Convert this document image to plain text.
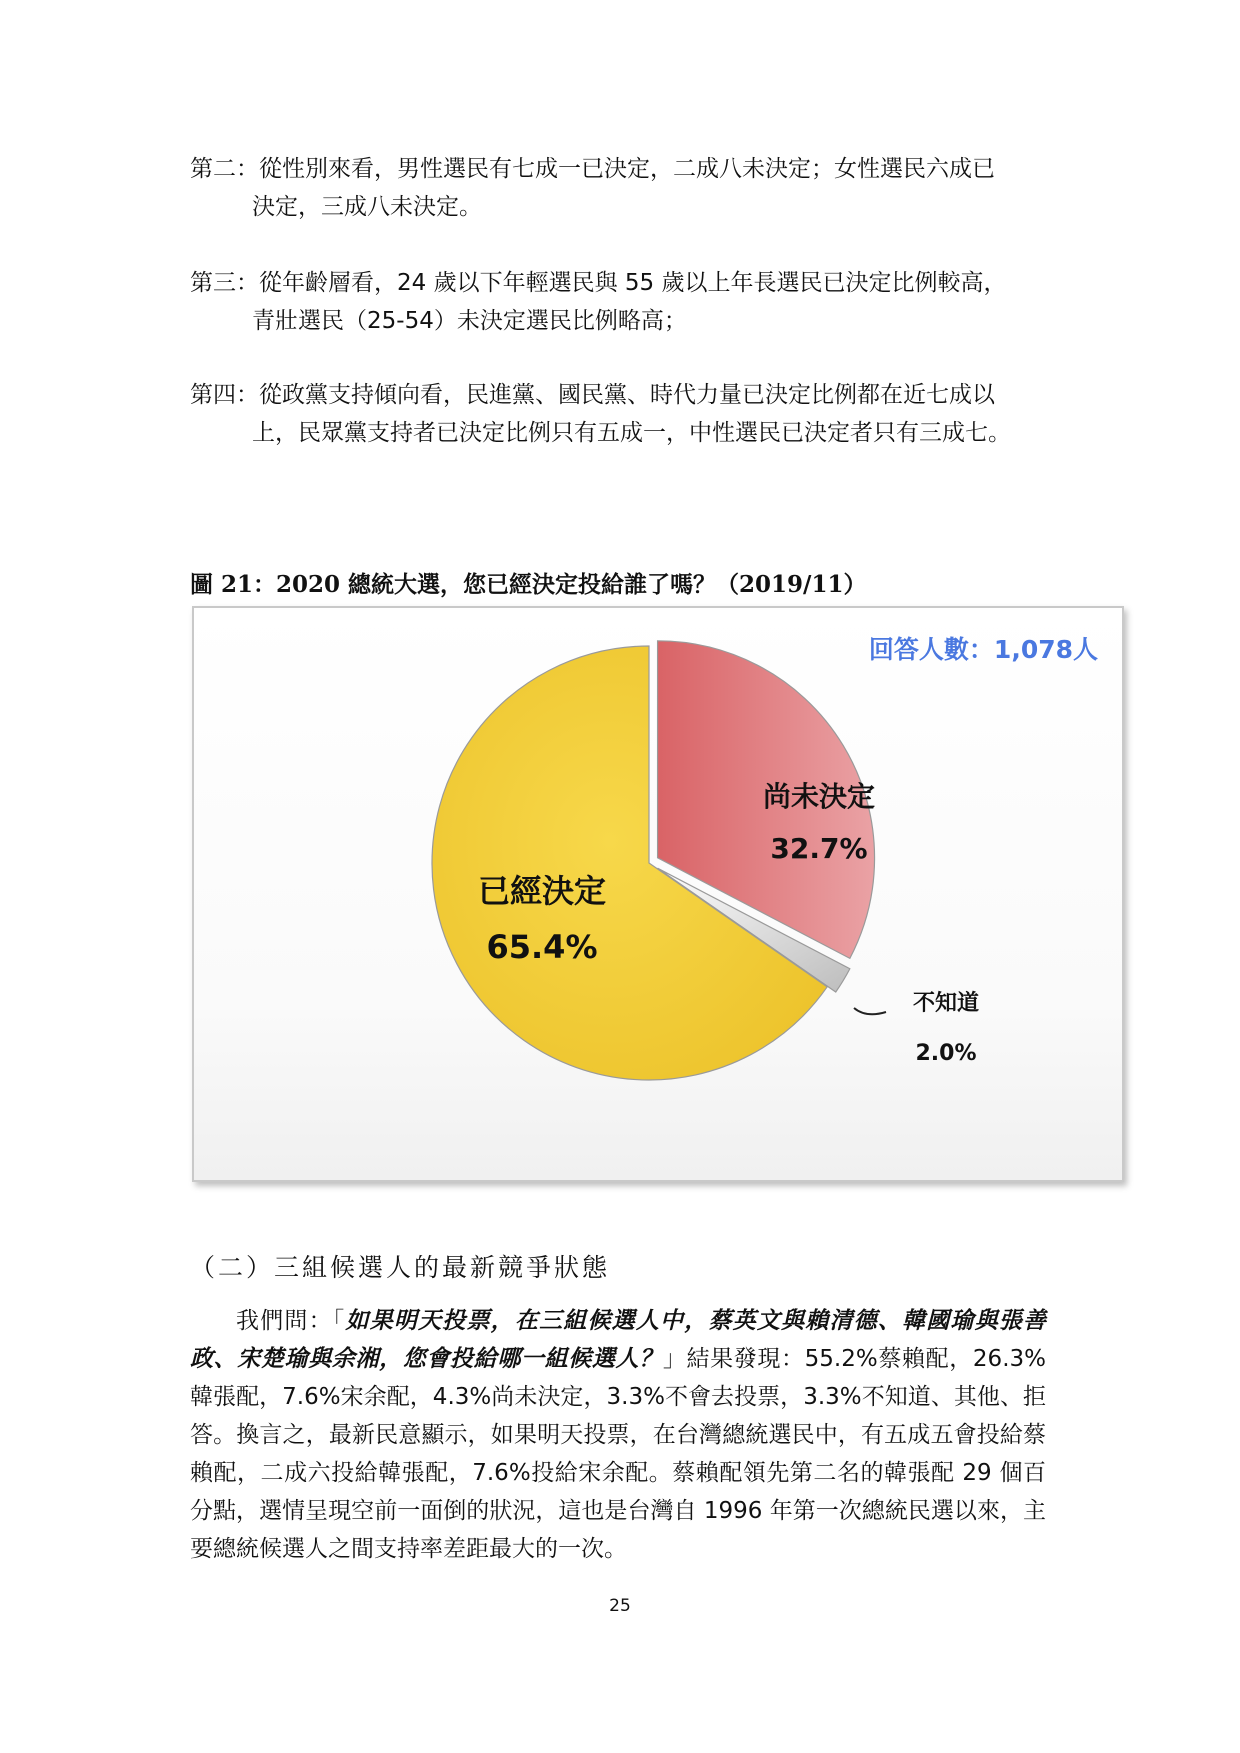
第二：從性別來看，男性選民有七成一已決定，二成八未決定；女性選民六成已
決定，三成八未決定。
第三：從年齡層看，24 歲以下年輕選民與 55 歲以上年長選民已決定比例較高，
青壯選民（25-54）未決定選民比例略高；
第四：從政黨支持傾向看，民進黨、國民黨、時代力量已決定比例都在近七成以
上，民眾黨支持者已決定比例只有五成一，中性選民已決定者只有三成七。
圖 21：2020 總統大選，您已經決定投給誰了嗎？（2019/11）
尚未決定
32.7%
不知道
2.0%
已經決定
65.4%
回答人數：1,078人
（二）三組候選人的最新競爭狀態
我們問：「如果明天投票，在三組候選人中，蔡英文與賴清德、韓國瑜與張善政、宋楚瑜與余湘，您會投給哪一組候選人？」結果發現：55.2%蔡賴配，26.3%韓張配，7.6%宋余配，4.3%尚未決定，3.3%不會去投票，3.3%不知道、其他、拒答。換言之，最新民意顯示，如果明天投票，在台灣總統選民中，有五成五會投給蔡賴配，二成六投給韓張配，7.6%投給宋余配。蔡賴配領先第二名的韓張配 29 個百分點，選情呈現空前一面倒的狀況，這也是台灣自 1996 年第一次總統民選以來，主要總統候選人之間支持率差距最大的一次。
25
